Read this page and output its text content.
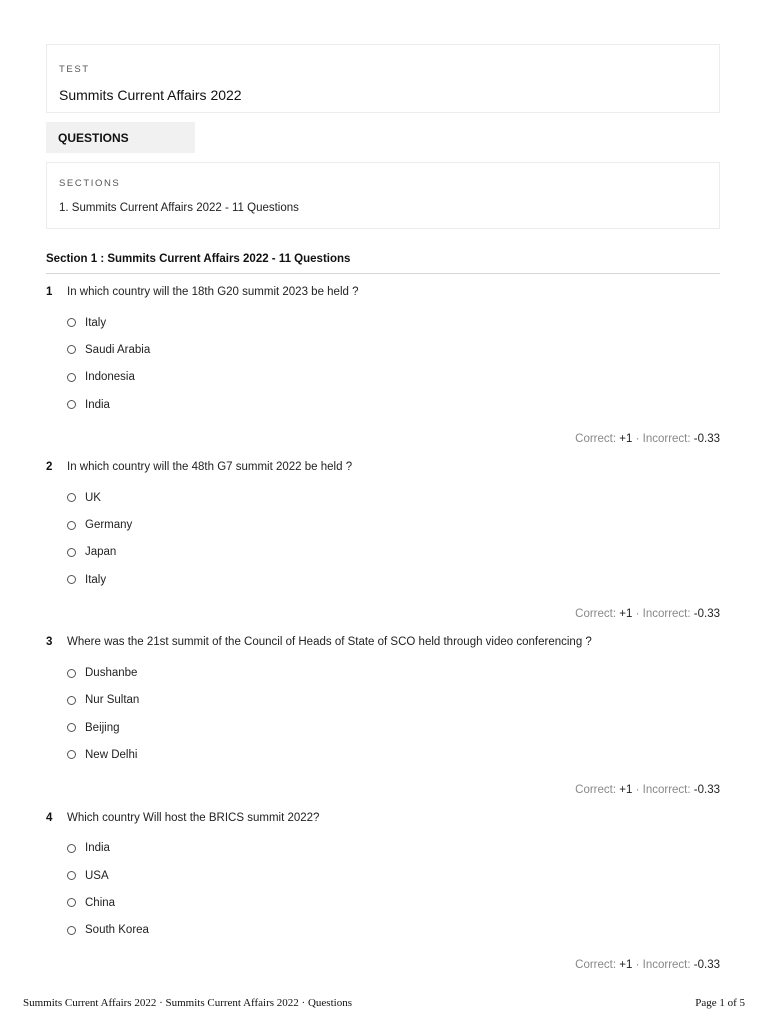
TEST
Summits Current Affairs 2022
QUESTIONS
SECTIONS
1. Summits Current Affairs 2022 - 11 Questions
Section 1 : Summits Current Affairs 2022 - 11 Questions
1	In which country will the 18th G20 summit 2023 be held ?
Italy
Saudi Arabia
Indonesia
India
Correct: +1 · Incorrect: -0.33
2	In which country will the 48th G7 summit 2022 be held ?
UK
Germany
Japan
Italy
Correct: +1 · Incorrect: -0.33
3	Where was the 21st summit of the Council of Heads of State of SCO held through video conferencing ?
Dushanbe
Nur Sultan
Beijing
New Delhi
Correct: +1 · Incorrect: -0.33
4	Which country Will host the BRICS summit 2022?
India
USA
China
South Korea
Correct: +1 · Incorrect: -0.33
Summits Current Affairs 2022 · Summits Current Affairs 2022 · Questions	Page 1 of 5
